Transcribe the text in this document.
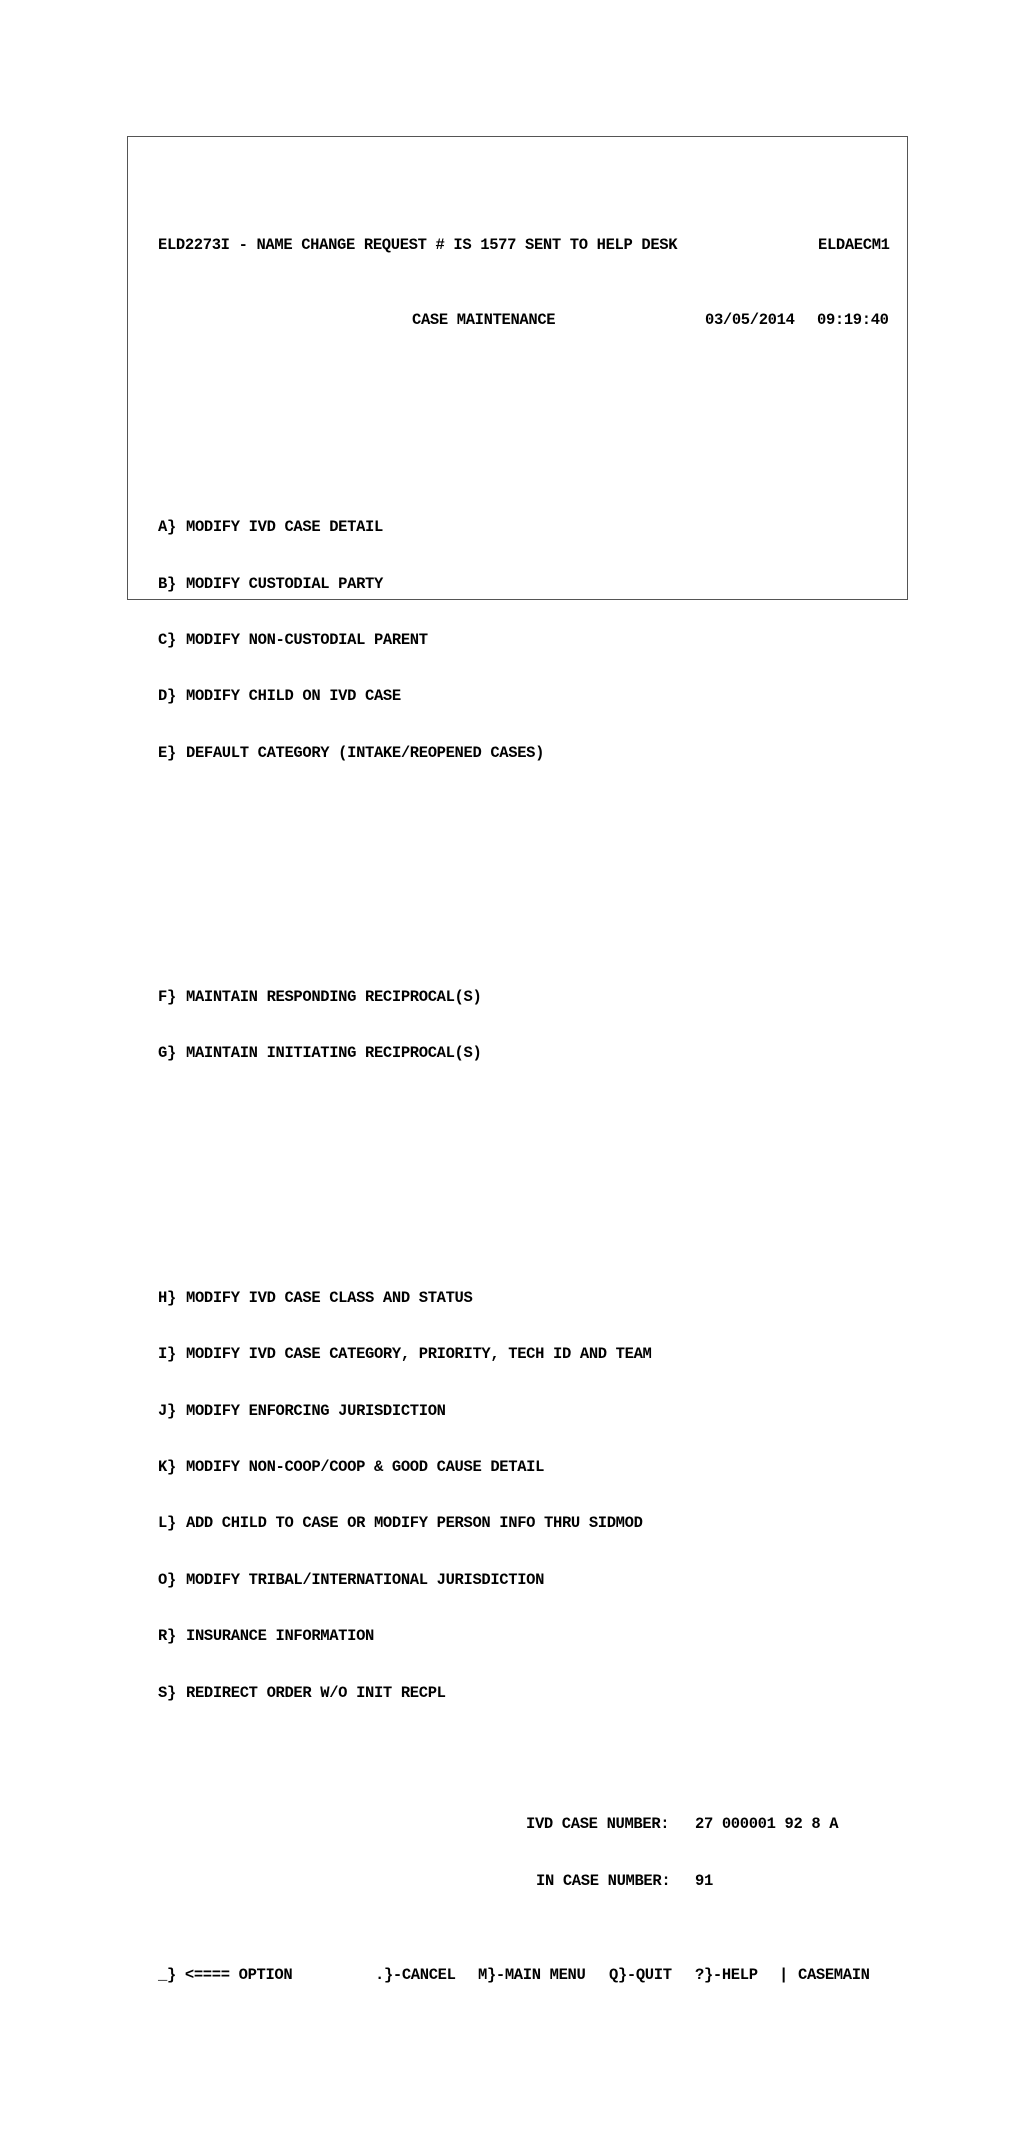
ELD2273I - NAME CHANGE REQUEST # IS 1577 SENT TO HELP DESK

	ELDAECM1

CASE MAINTENANCE

	03/05/2014

09:19:40

A} MODIFY IVD CASE DETAIL

B} MODIFY CUSTODIAL PARTY

C} MODIFY NON-CUSTODIAL PARENT

D} MODIFY CHILD ON IVD CASE

E} DEFAULT CATEGORY (INTAKE/REOPENED CASES)

F} MAINTAIN RESPONDING RECIPROCAL(S)

G} MAINTAIN INITIATING RECIPROCAL(S)

H} MODIFY IVD CASE CLASS AND STATUS

I} MODIFY IVD CASE CATEGORY, PRIORITY, TECH ID AND TEAM

J} MODIFY ENFORCING JURISDICTION

K} MODIFY NON-COOP/COOP & GOOD CAUSE DETAIL

L} ADD CHILD TO CASE OR MODIFY PERSON INFO THRU SIDMOD

O} MODIFY TRIBAL/INTERNATIONAL JURISDICTION

R} INSURANCE INFORMATION

S} REDIRECT ORDER W/O INIT RECPL

IVD CASE NUMBER:

27 000001 92 8 A

IN CASE NUMBER:

91

_

} <==== OPTION

	.}-CANCEL

M}-MAIN MENU

Q}-QUIT

?}-HELP

|

CASEMAIN
